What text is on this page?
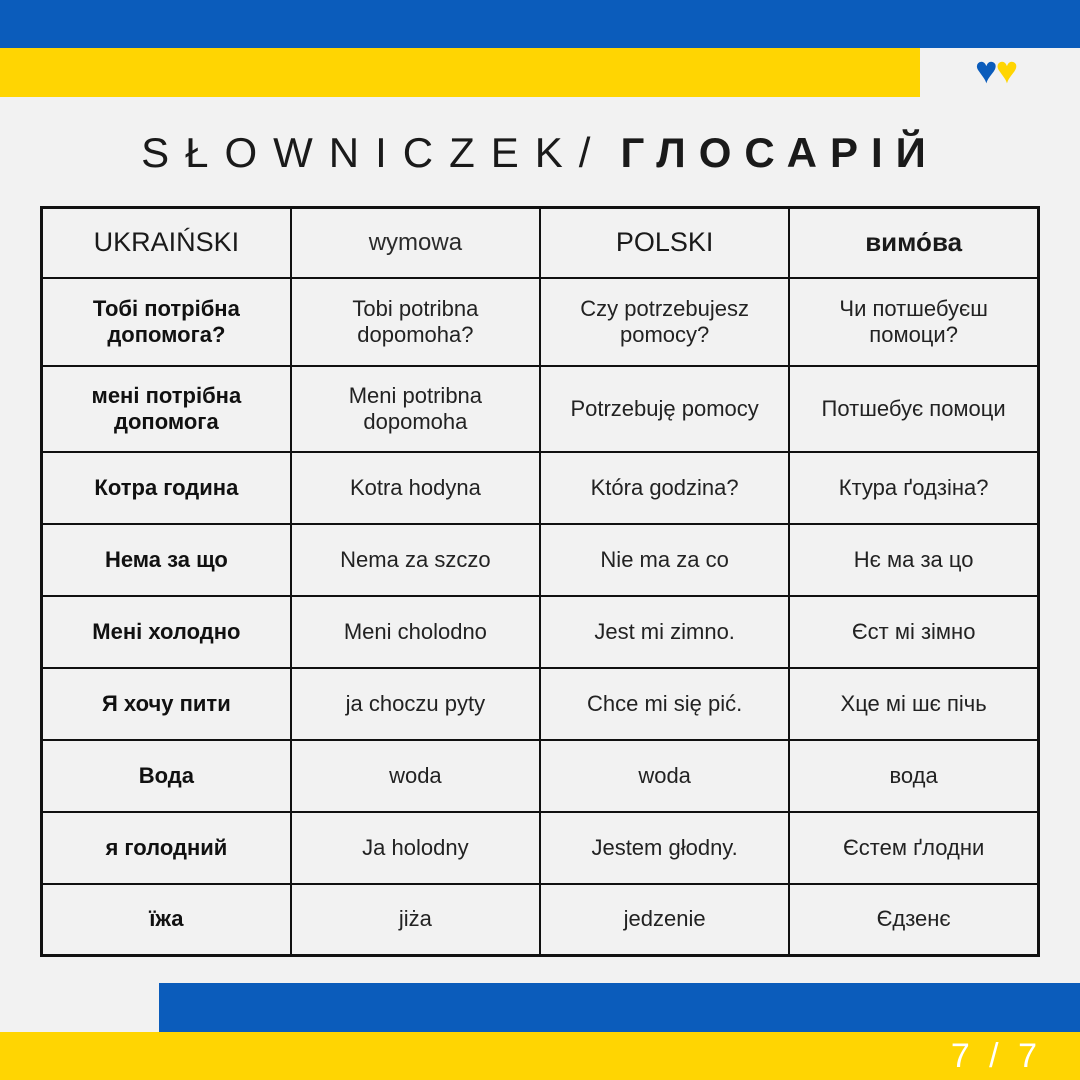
♥♥
SŁOWNICZEK/ ГЛОСАРІЙ
UKRAIŃSKI	wymowa	POLSKI	вимо́ва
Тобі потрібна допомога?	Tobi potribna dopomoha?	Czy potrzebujesz pomocy?	Чи потшебуєш помоци?
мені потрібна допомога	Meni potribna dopomoha	Potrzebuję pomocy	Потшебує помоци
Котра година	Kotra hodyna	Która godzina?	Ктура ґодзіна?
Нема за що	Nema za szczo	Nie ma za co	Нє ма за цо
Мені холодно	Meni cholodno	Jest mi zimno.	Єст мі зімно
Я хочу пити	ja choczu pyty	Chce mi się pić.	Хце мі шє пічь
Вода	woda	woda	вода
я голодний	Ja holodny	Jestem głodny.	Єстем ґлодни
їжа	jiża	jedzenie	Єдзенє
7 / 7
